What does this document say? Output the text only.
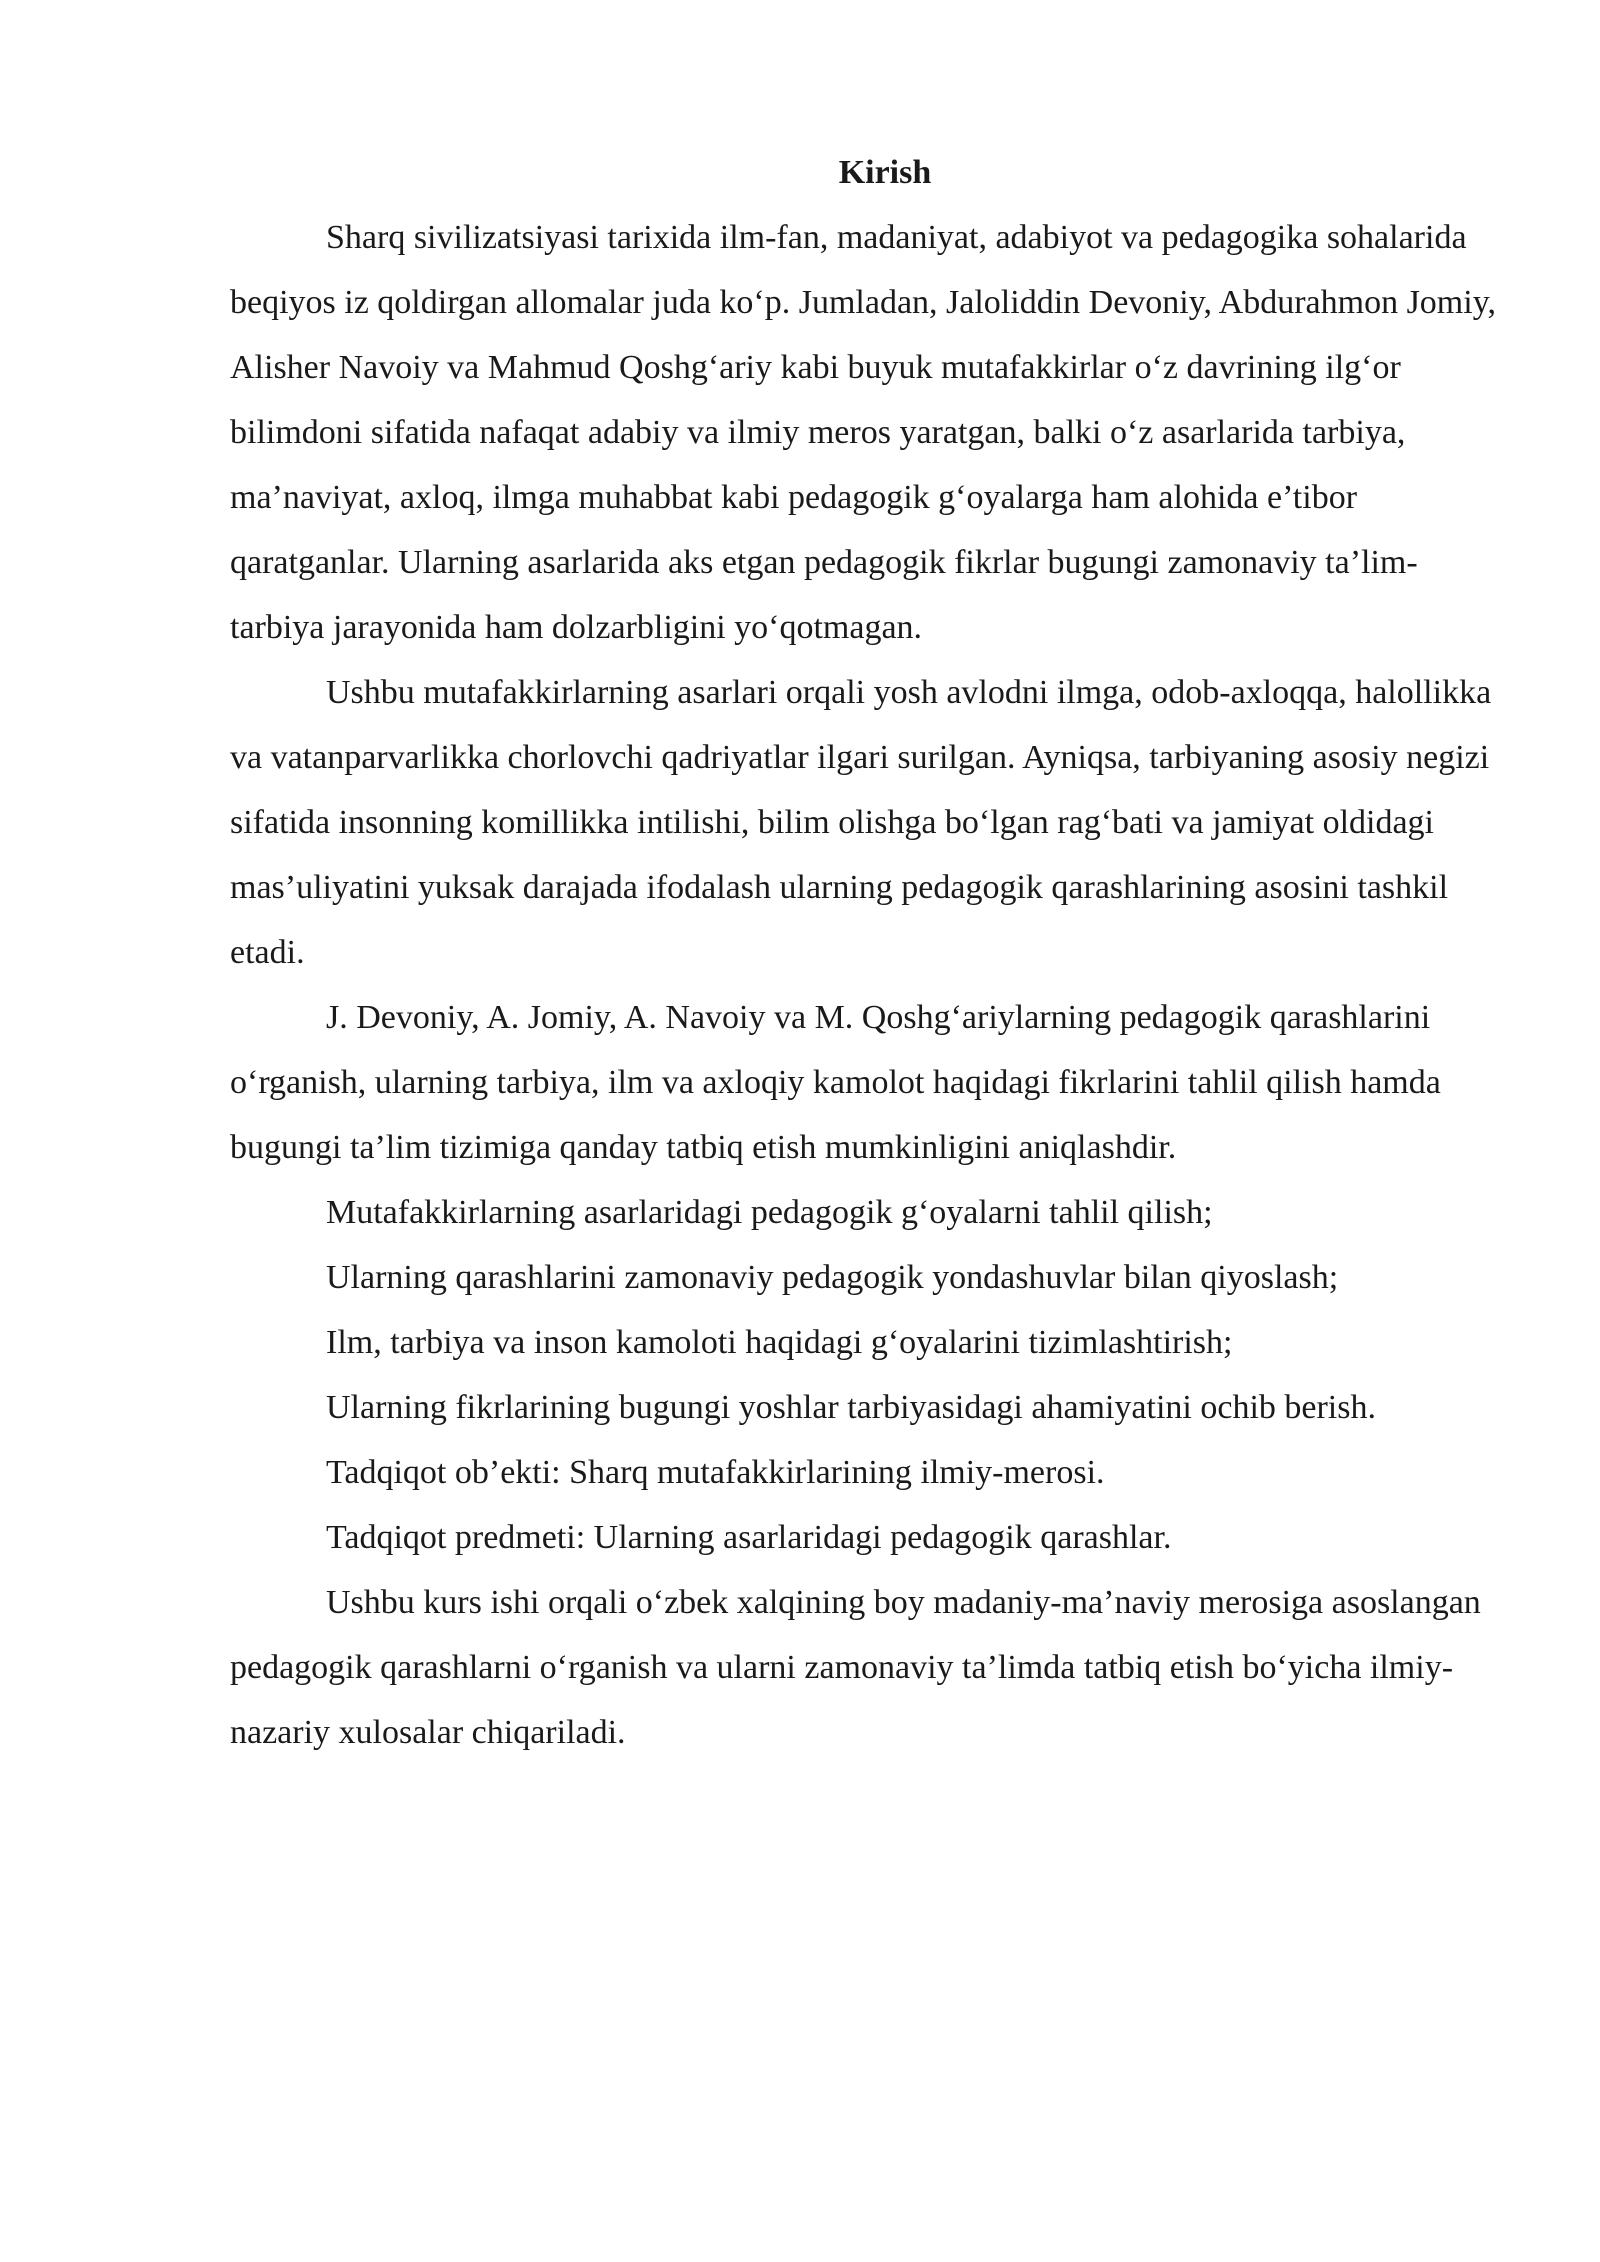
Kirish

Sharq sivilizatsiyasi tarixida ilm-fan, madaniyat, adabiyot va pedagogika sohalarida beqiyos iz qoldirgan allomalar juda ko‘p. Jumladan, Jaloliddin Devoniy, Abdurahmon Jomiy, Alisher Navoiy va Mahmud Qoshg‘ariy kabi buyuk mutafakkirlar o‘z davrining ilg‘or bilimdoni sifatida nafaqat adabiy va ilmiy meros yaratgan, balki o‘z asarlarida tarbiya, ma’naviyat, axloq, ilmga muhabbat kabi pedagogik g‘oyalarga ham alohida e’tibor qaratganlar. Ularning asarlarida aks etgan pedagogik fikrlar bugungi zamonaviy ta’lim-tarbiya jarayonida ham dolzarbligini yo‘qotmagan.

Ushbu mutafakkirlarning asarlari orqali yosh avlodni ilmga, odob-axloqqa, halollikka va vatanparvarlikka chorlovchi qadriyatlar ilgari surilgan. Ayniqsa, tarbiyaning asosiy negizi sifatida insonning komillikka intilishi, bilim olishga bo‘lgan rag‘bati va jamiyat oldidagi mas’uliyatini yuksak darajada ifodalash ularning pedagogik qarashlarining asosini tashkil etadi.

J. Devoniy, A. Jomiy, A. Navoiy va M. Qoshg‘ariylarning pedagogik qarashlarini o‘rganish, ularning tarbiya, ilm va axloqiy kamolot haqidagi fikrlarini tahlil qilish hamda bugungi ta’lim tizimiga qanday tatbiq etish mumkinligini aniqlashdir.

Mutafakkirlarning asarlaridagi pedagogik g‘oyalarni tahlil qilish;

Ularning qarashlarini zamonaviy pedagogik yondashuvlar bilan qiyoslash;

Ilm, tarbiya va inson kamoloti haqidagi g‘oyalarini tizimlashtirish;

Ularning fikrlarining bugungi yoshlar tarbiyasidagi ahamiyatini ochib berish.

Tadqiqot ob’ekti: Sharq mutafakkirlarining ilmiy-merosi.

Tadqiqot predmeti: Ularning asarlaridagi pedagogik qarashlar.

Ushbu kurs ishi orqali o‘zbek xalqining boy madaniy-ma’naviy merosiga asoslangan pedagogik qarashlarni o‘rganish va ularni zamonaviy ta’limda tatbiq etish bo‘yicha ilmiy-nazariy xulosalar chiqariladi.
